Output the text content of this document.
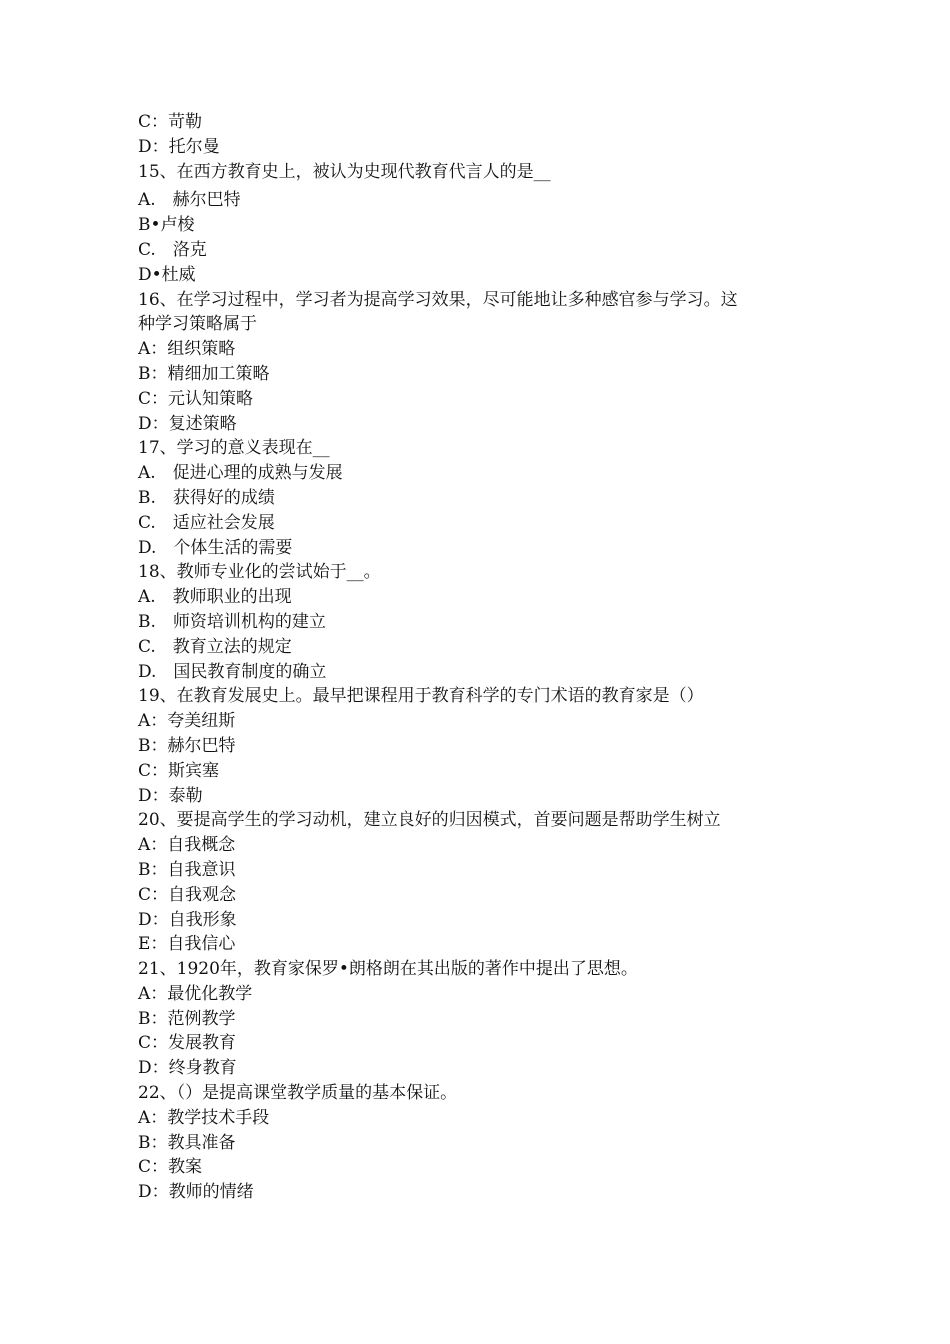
C：苛勒
D：托尔曼
15、在西方教育史上，被认为史现代教育代言人的是__
A.　赫尔巴特
B•卢梭
C.　洛克
D•杜威
16、在学习过程中，学习者为提高学习效果，尽可能地让多种感官参与学习。这
种学习策略属于
A：组织策略
B：精细加工策略
C：元认知策略
D：复述策略
17、学习的意义表现在__
A.　促进心理的成熟与发展
B.　获得好的成绩
C.　适应社会发展
D.　个体生活的需要
18、教师专业化的尝试始于__。
A.　教师职业的出现
B.　师资培训机构的建立
C.　教育立法的规定
D.　国民教育制度的确立
19、在教育发展史上。最早把课程用于教育科学的专门术语的教育家是（）
A：夸美纽斯
B：赫尔巴特
C：斯宾塞
D：泰勒
20、要提高学生的学习动机，建立良好的归因模式，首要问题是帮助学生树立
A：自我概念
B：自我意识
C：自我观念
D：自我形象
E：自我信心
21、1920年，教育家保罗•朗格朗在其出版的著作中提出了思想。
A：最优化教学
B：范例教学
C：发展教育
D：终身教育
22、（）是提高课堂教学质量的基本保证。
A：教学技术手段
B：教具准备
C：教案
D：教师的情绪
